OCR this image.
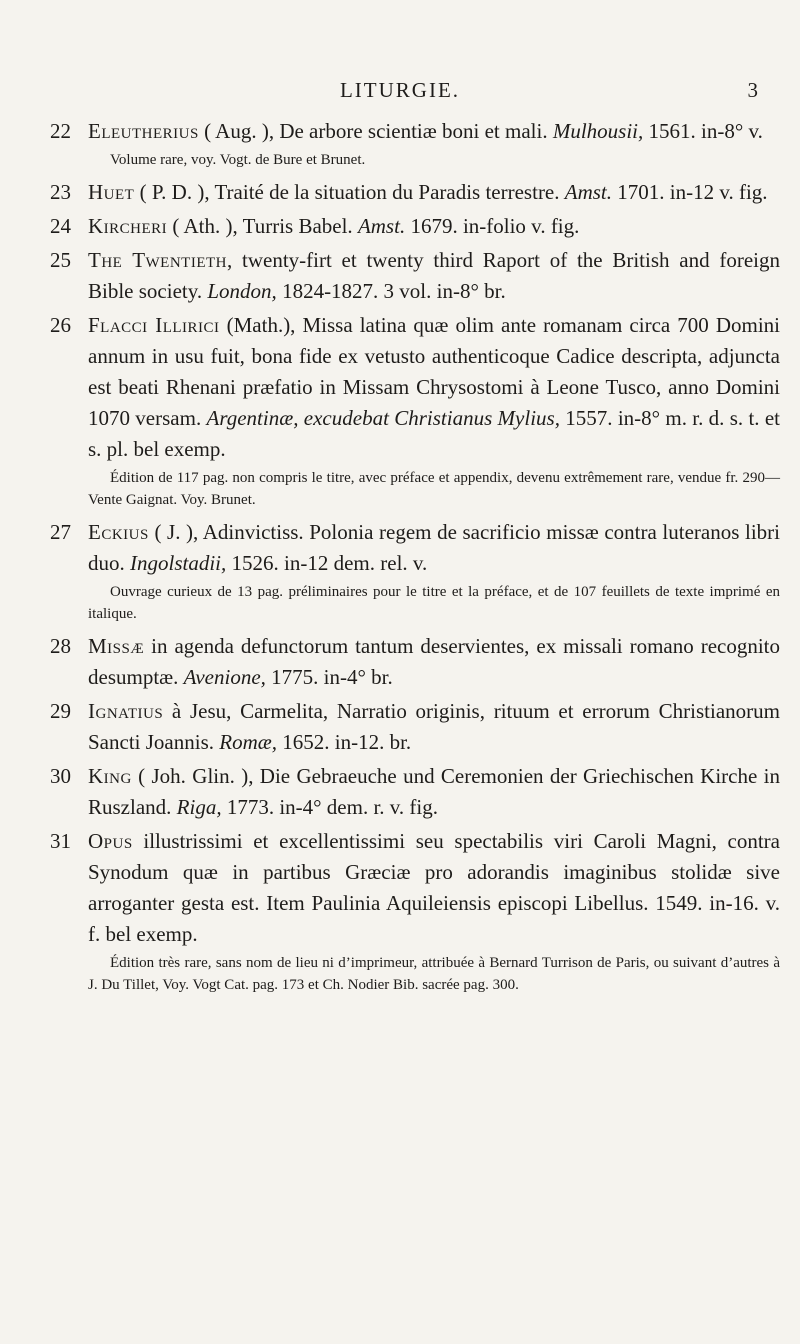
LITURGIE.	3
22 Eleutherius ( Aug. ), De arbore scientiæ boni et mali. Mulhousii, 1561. in-8° v.
Volume rare, voy. Vogt. de Bure et Brunet.
23 Huet ( P. D. ), Traité de la situation du Paradis terrestre. Amst. 1701. in-12 v. fig.
24 Kircheri ( Ath. ), Turris Babel. Amst. 1679. in-folio v. fig.
25 The Twentieth, twenty-firt et twenty third Raport of the British and foreign Bible society. London, 1824-1827. 3 vol. in-8° br.
26 Flacci Illirici (Math.), Missa latina quæ olim ante romanam circa 700 Domini annum in usu fuit, bona fide ex vetusto authenticoque Cadice descripta, adjuncta est beati Rhenani præfatio in Missam Chrysostomi à Leone Tusco, anno Domini 1070 versam. Argentinæ, excudebat Christianus Mylius, 1557. in-8° m. r. d. s. t. et s. pl. bel exemp.
Édition de 117 pag. non compris le titre, avec préface et appendix, devenu extrêmement rare, vendue fr. 290— Vente Gaignat. Voy. Brunet.
27 Eckius ( J. ), Adinvictiss. Polonia regem de sacrificio missæ contra luteranos libri duo. Ingolstadii, 1526. in-12 dem. rel. v.
Ouvrage curieux de 13 pag. préliminaires pour le titre et la préface, et de 107 feuillets de texte imprimé en italique.
28 Missæ in agenda defunctorum tantum deservientes, ex missali romano recognito desumptæ. Avenione, 1775. in-4° br.
29 Ignatius à Jesu, Carmelita, Narratio originis, rituum et errorum Christianorum Sancti Joannis. Romæ, 1652. in-12. br.
30 King ( Joh. Glin. ), Die Gebraeuche und Ceremonien der Griechischen Kirche in Ruszland. Riga, 1773. in-4° dem. r. v. fig.
31 Opus illustrissimi et excellentissimi seu spectabilis viri Caroli Magni, contra Synodum quæ in partibus Græciæ pro adorandis imaginibus stolidæ sive arroganter gesta est. Item Paulinia Aquileiensis episcopi Libellus. 1549. in-16. v. f. bel exemp.
Édition très rare, sans nom de lieu ni d’imprimeur, attribuée à Bernard Turrison de Paris, ou suivant d’autres à J. Du Tillet, Voy. Vogt Cat. pag. 173 et Ch. Nodier Bib. sacrée pag. 300.
